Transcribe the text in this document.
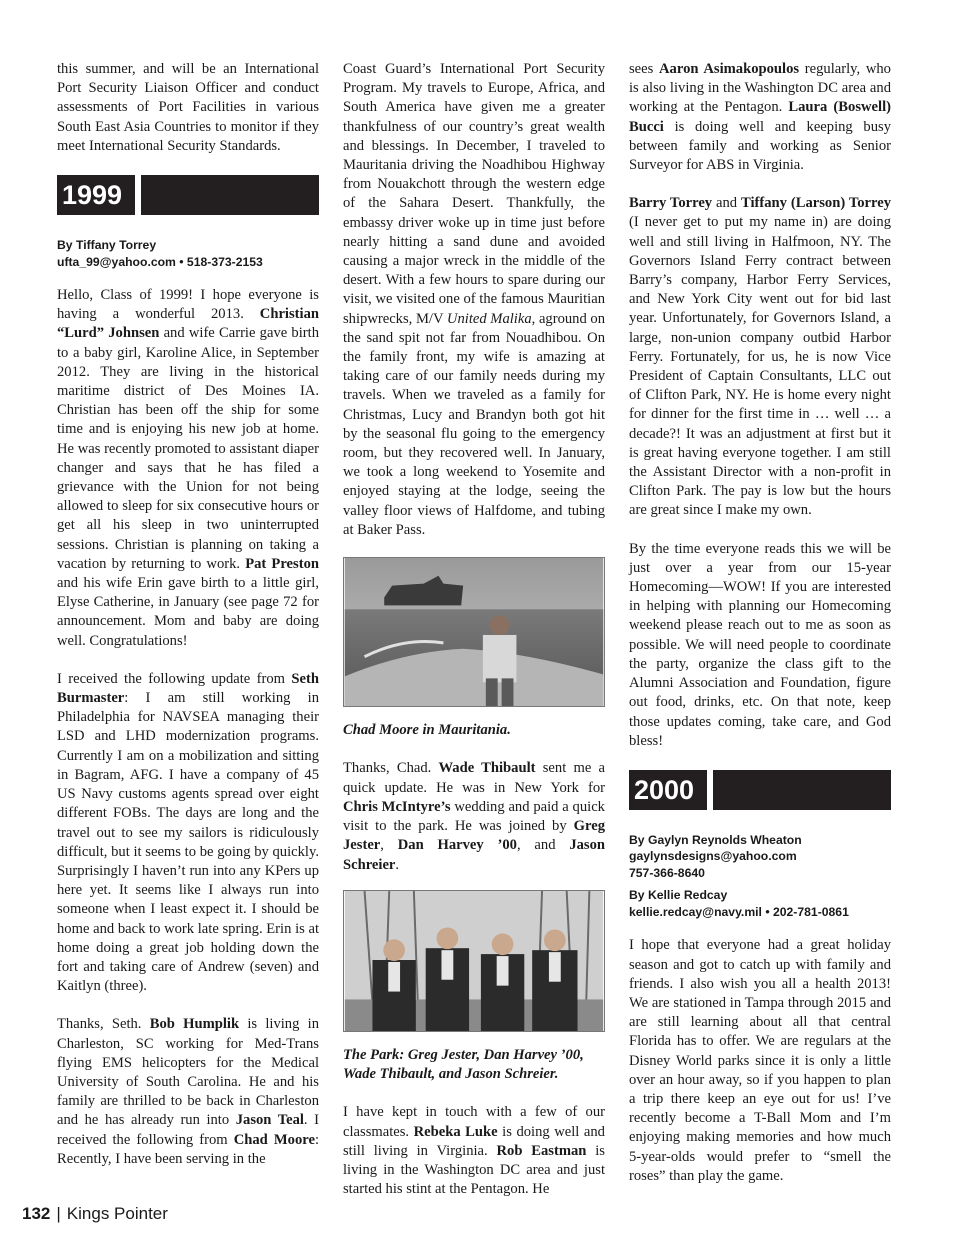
this summer, and will be an International Port Security Liaison Officer and conduct assessments of Port Facilities in various South East Asia Countries to monitor if they meet International Security Standards.

1999
By Tiffany Torrey
ufta_99@yahoo.com • 518-373-2153

Hello, Class of 1999! I hope everyone is having a wonderful 2013. Christian “Lurd” Johnsen and wife Carrie gave birth to a baby girl, Karoline Alice, in September 2012. They are living in the historical maritime district of Des Moines IA. Christian has been off the ship for some time and is enjoying his new job at home. He was recently promoted to assistant diaper changer and says that he has filed a grievance with the Union for not being allowed to sleep for six consecutive hours or get all his sleep in two uninterrupted sessions. Christian is planning on taking a vacation by returning to work. Pat Preston and his wife Erin gave birth to a little girl, Elyse Catherine, in January (see page 72 for announcement. Mom and baby are doing well. Congratulations!

I received the following update from Seth Burmaster: I am still working in Philadelphia for NAVSEA managing their LSD and LHD modernization programs. Currently I am on a mobilization and sitting in Bagram, AFG. I have a company of 45 US Navy customs agents spread over eight different FOBs. The days are long and the travel out to see my sailors is ridiculously difficult, but it seems to be going by quickly. Surprisingly I haven’t run into any KPers up here yet. It seems like I always run into someone when I least expect it. I should be home and back to work late spring. Erin is at home doing a great job holding down the fort and taking care of Andrew (seven) and Kaitlyn (three).

Thanks, Seth. Bob Humplik is living in Charleston, SC working for Med-Trans flying EMS helicopters for the Medical University of South Carolina. He and his family are thrilled to be back in Charleston and he has already run into Jason Teal. I received the following from Chad Moore: Recently, I have been serving in the

Coast Guard’s International Port Security Program. My travels to Europe, Africa, and South America have given me a greater thankfulness of our country’s great wealth and blessings. In December, I traveled to Mauritania driving the Noadhibou Highway from Nouakchott through the western edge of the Sahara Desert. Thankfully, the embassy driver woke up in time just before nearly hitting a sand dune and avoided causing a major wreck in the middle of the desert. With a few hours to spare during our visit, we visited one of the famous Mauritian shipwrecks, M/V United Malika, aground on the sand spit not far from Nouadhibou. On the family front, my wife is amazing at taking care of our family needs during my travels. When we traveled as a family for Christmas, Lucy and Brandyn both got hit by the seasonal flu going to the emergency room, but they recovered well. In January, we took a long weekend to Yosemite and enjoyed staying at the lodge, seeing the valley floor views of Halfdome, and tubing at Baker Pass.

Chad Moore in Mauritania.

Thanks, Chad. Wade Thibault sent me a quick update. He was in New York for Chris McIntyre’s wedding and paid a quick visit to the park. He was joined by Greg Jester, Dan Harvey ’00, and Jason Schreier.

The Park: Greg Jester, Dan Harvey ’00, Wade Thibault, and Jason Schreier.

I have kept in touch with a few of our classmates. Rebeka Luke is doing well and still living in Virginia. Rob Eastman is living in the Washington DC area and just started his stint at the Pentagon. He

sees Aaron Asimakopoulos regularly, who is also living in the Washington DC area and working at the Pentagon. Laura (Boswell) Bucci is doing well and keeping busy between family and working as Senior Surveyor for ABS in Virginia.

Barry Torrey and Tiffany (Larson) Torrey (I never get to put my name in) are doing well and still living in Halfmoon, NY. The Governors Island Ferry contract between Barry’s company, Harbor Ferry Services, and New York City went out for bid last year. Unfortunately, for Governors Island, a large, non-union company outbid Harbor Ferry. Fortunately, for us, he is now Vice President of Captain Consultants, LLC out of Clifton Park, NY. He is home every night for dinner for the first time in … well … a decade?! It was an adjustment at first but it is great having everyone together. I am still the Assistant Director with a non-profit in Clifton Park. The pay is low but the hours are great since I make my own.

By the time everyone reads this we will be just over a year from our 15-year Homecoming—WOW! If you are interested in helping with planning our Homecoming weekend please reach out to me as soon as possible. We will need people to coordinate the party, organize the class gift to the Alumni Association and Foundation, figure out food, drinks, etc. On that note, keep those updates coming, take care, and God bless!

2000
By Gaylyn Reynolds Wheaton
gaylynsdesigns@yahoo.com
757-366-8640
By Kellie Redcay
kellie.redcay@navy.mil • 202-781-0861

I hope that everyone had a great holiday season and got to catch up with family and friends. I also wish you all a health 2013! We are stationed in Tampa through 2015 and are still learning about all that central Florida has to offer. We are regulars at the Disney World parks since it is only a little over an hour away, so if you happen to plan a trip there keep an eye out for us! I’ve recently become a T-Ball Mom and I’m enjoying making memories and how much 5-year-olds would prefer to “smell the roses” than play the game.

132 | Kings Pointer
